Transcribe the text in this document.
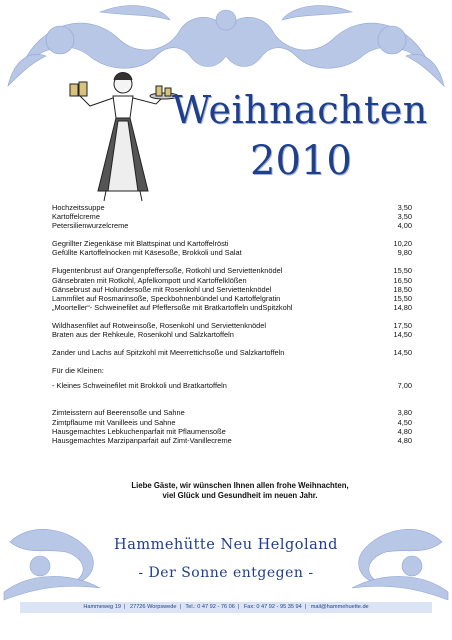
Weihnachten
2010
Hochzeitssuppe	3,50
Kartoffelcreme	3,50
Petersilienwurzelcreme	4,00
Gegrillter Ziegenkäse mit Blattspinat und Kartoffelrösti	10,20
Gefüllte Kartoffelnocken mit Käsesoße, Brokkoli und Salat	9,80
Flugentenbrust auf Orangenpfeffersoße, Rotkohl und Serviettenknödel	15,50
Gänsebraten mit Rotkohl, Apfelkompott und Kartoffelklößen	16,50
Gänsebrust auf Holundersoße mit Rosenkohl und Serviettenknödel	18,50
Lammfilet auf Rosmarinsoße, Speckbohnenbündel und Kartoffelgratin	15,50
„Moorteller“- Schweinefilet auf Pfeffersoße mit Bratkartoffeln undSpitzkohl	14,80
Wildhasenfilet auf Rotweinsoße, Rosenkohl und Serviettenknödel	17,50
Braten aus der Rehkeule, Rosenkohl und Salzkartoffeln	14,50
Zander und Lachs auf Spitzkohl mit Meerrettichsoße und Salzkartoffeln	14,50
Für die Kleinen:
- Kleines Schweinefilet mit Brokkoli und Bratkartoffeln	7,00
Zimteisstern auf Beerensoße und Sahne	3,80
Zimtpflaume mit Vanilleeis und Sahne	4,50
Hausgemachtes Lebkuchenparfait mit Pflaumensoße	4,80
Hausgemachtes Marzipanparfait auf Zimt-Vanillecreme	4,80
Liebe Gäste, wir wünschen Ihnen allen frohe Weihnachten,
viel Glück und Gesundheit im neuen Jahr.
Hammehütte Neu Helgoland
- Der Sonne entgegen -
Hammeweg 19 | 27726 Worpswede | Tel.: 0 47 92 - 76 06 | Fax: 0 47 92 - 95 35 94 | mail@hammehuette.de
